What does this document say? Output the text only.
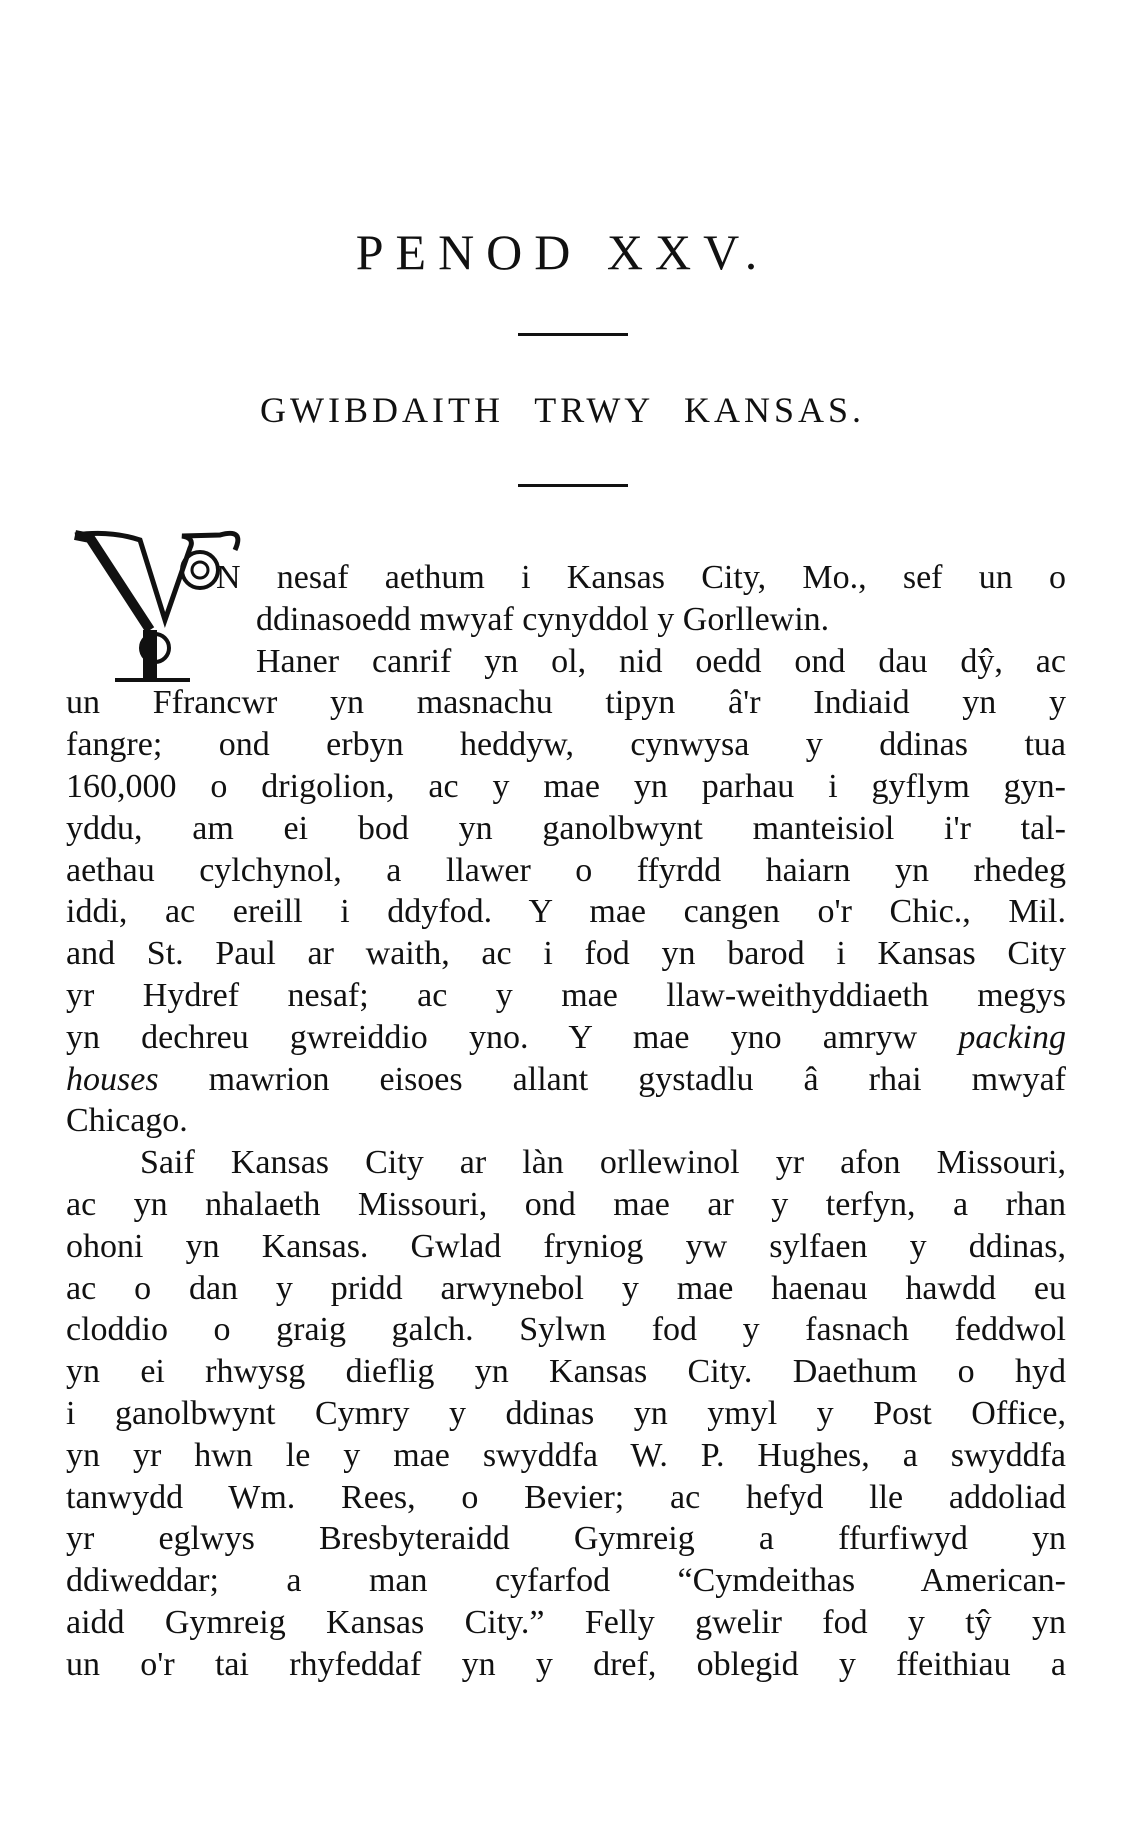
PENOD XXV.
GWIBDAITH TRWY KANSAS.
N nesaf aethum i Kansas City, Mo., sef un o
ddinasoedd mwyaf cynyddol y Gorllewin.
Haner canrif yn ol, nid oedd ond dau dŷ, ac
un Ffrancwr yn masnachu tipyn â'r Indiaid yn y
fangre; ond erbyn heddyw, cynwysa y ddinas tua
160,000 o drigolion, ac y mae yn parhau i gyflym gyn-
yddu, am ei bod yn ganolbwynt manteisiol i'r tal-
aethau cylchynol, a llawer o ffyrdd haiarn yn rhedeg
iddi, ac ereill i ddyfod. Y mae cangen o'r Chic., Mil.
and St. Paul ar waith, ac i fod yn barod i Kansas City
yr Hydref nesaf; ac y mae llaw-weithyddiaeth megys
yn dechreu gwreiddio yno. Y mae yno amryw packing
houses mawrion eisoes allant gystadlu â rhai mwyaf
Chicago.
Saif Kansas City ar làn orllewinol yr afon Missouri,
ac yn nhalaeth Missouri, ond mae ar y terfyn, a rhan
ohoni yn Kansas. Gwlad fryniog yw sylfaen y ddinas,
ac o dan y pridd arwynebol y mae haenau hawdd eu
cloddio o graig galch. Sylwn fod y fasnach feddwol
yn ei rhwysg dieflig yn Kansas City. Daethum o hyd
i ganolbwynt Cymry y ddinas yn ymyl y Post Office,
yn yr hwn le y mae swyddfa W. P. Hughes, a swyddfa
tanwydd Wm. Rees, o Bevier; ac hefyd lle addoliad
yr eglwys Bresbyteraidd Gymreig a ffurfiwyd yn
ddiweddar; a man cyfarfod “Cymdeithas American-
aidd Gymreig Kansas City.” Felly gwelir fod y tŷ yn
un o'r tai rhyfeddaf yn y dref, oblegid y ffeithiau a
